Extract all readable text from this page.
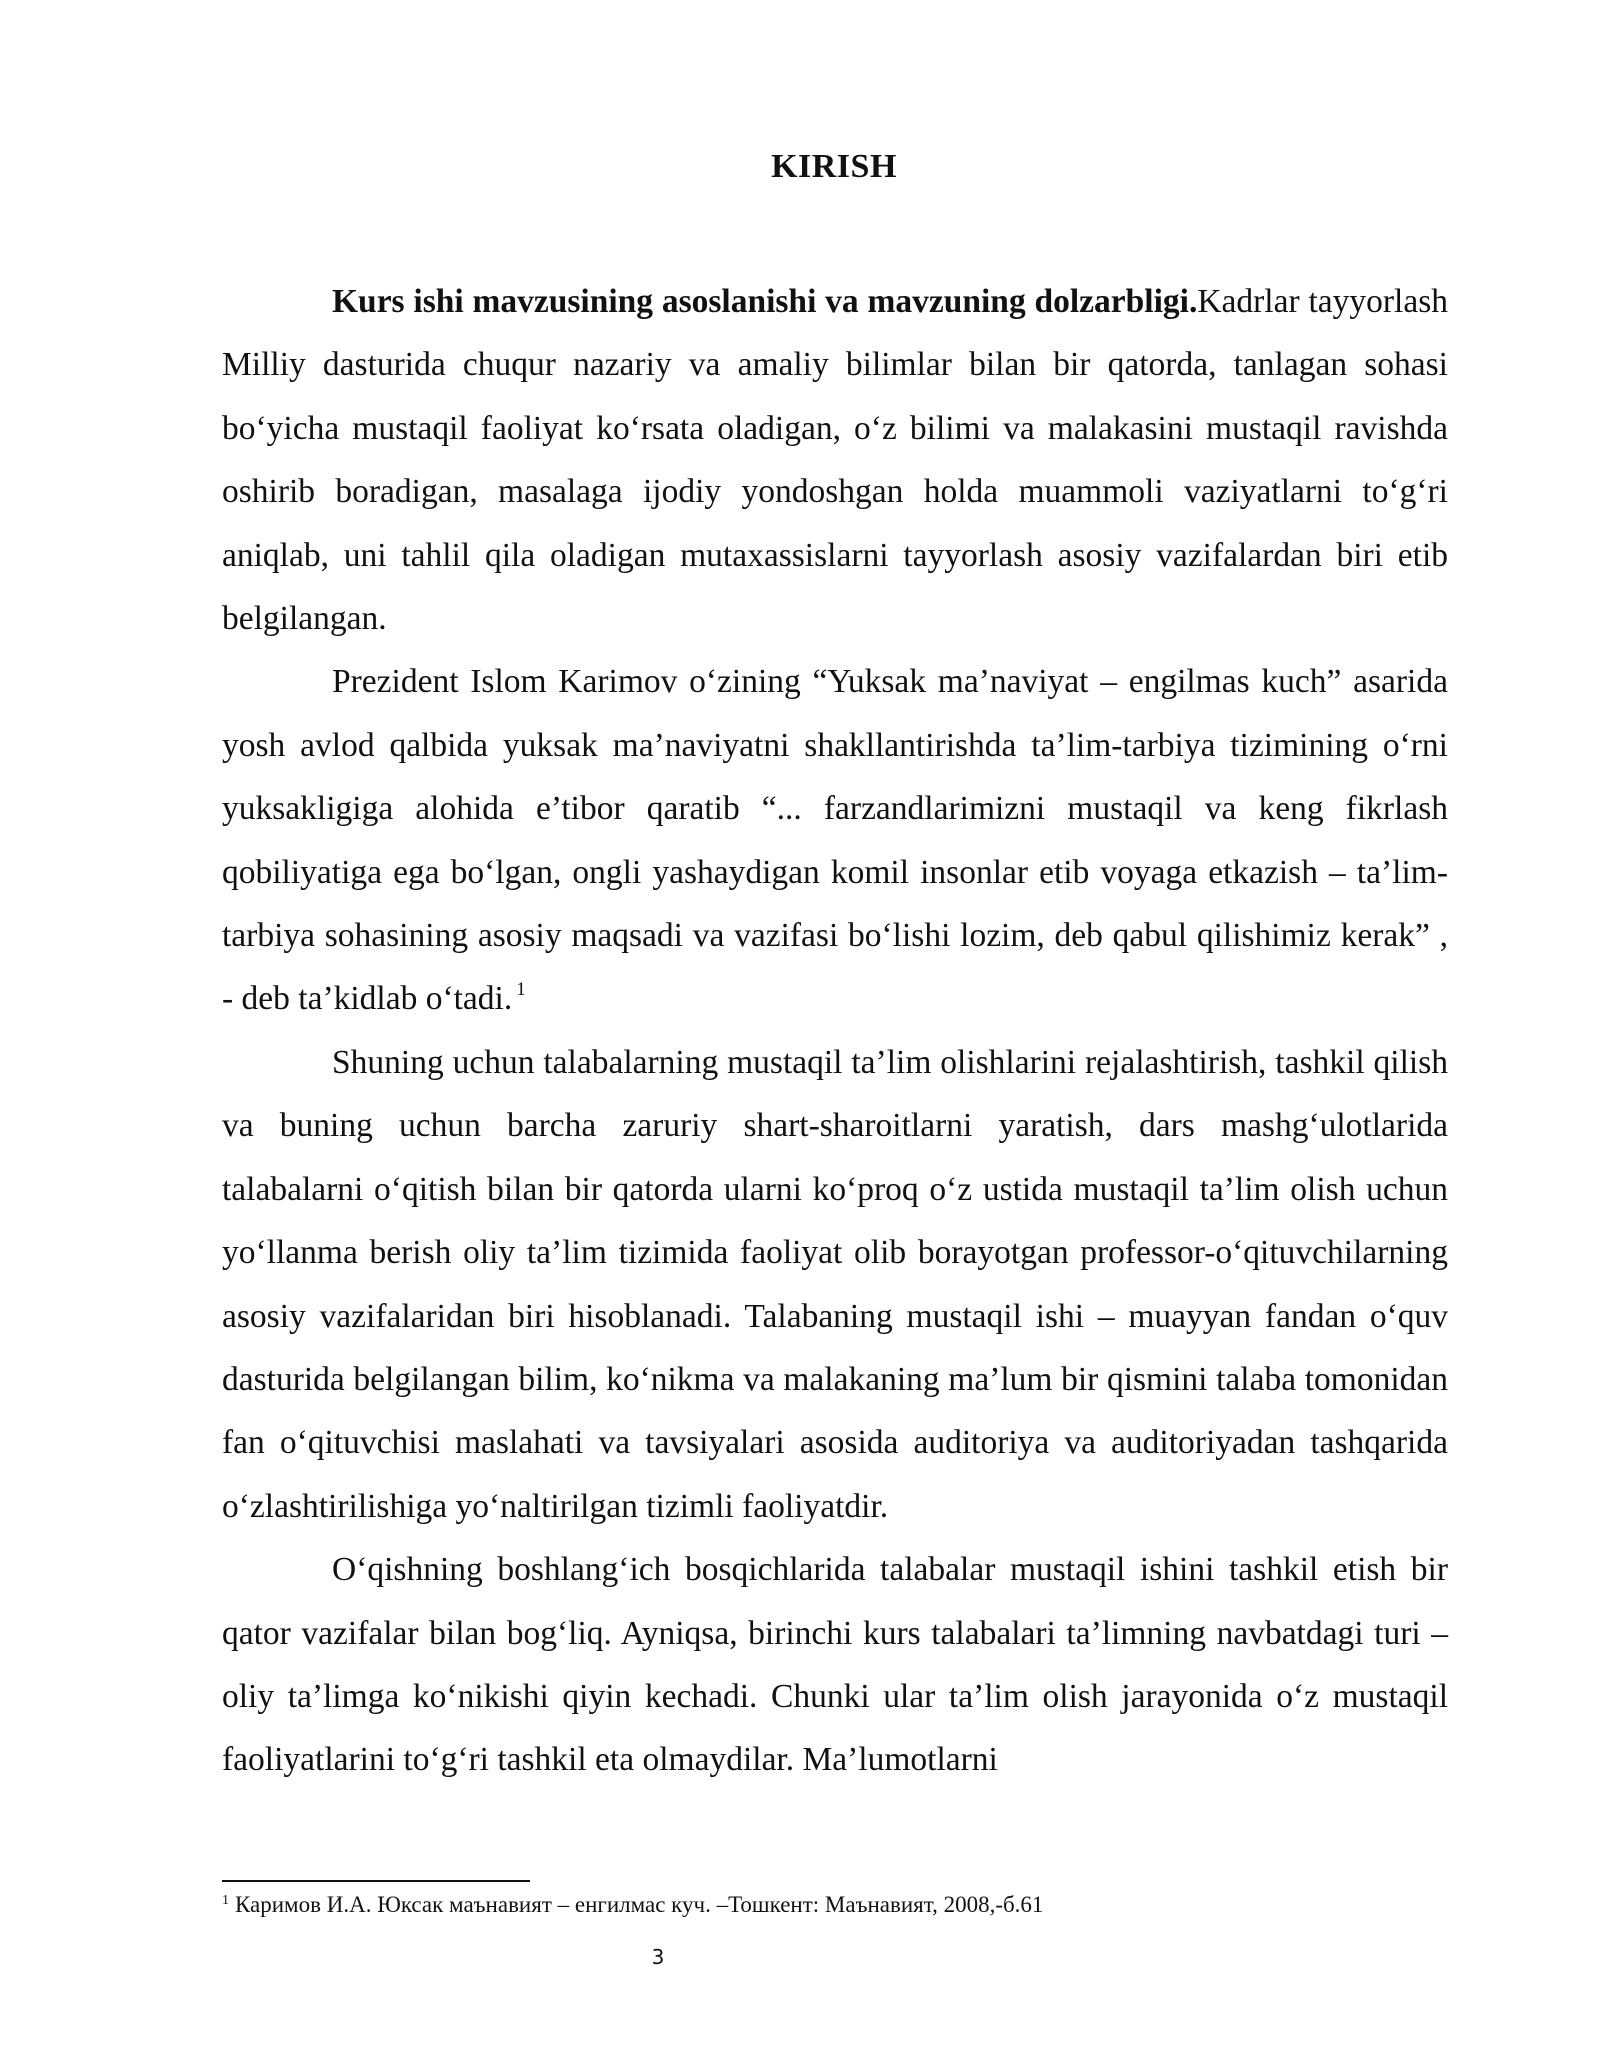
KIRISH

Kurs ishi mavzusining asoslanishi va mavzuning dolzarbligi.Kadrlar tayyorlash Milliy dasturida chuqur nazariy va amaliy bilimlar bilan bir qatorda, tanlagan sohasi boʻyicha mustaqil faoliyat koʻrsata oladigan, oʻz bilimi va malakasini mustaqil ravishda oshirib boradigan, masalaga ijodiy yondoshgan holda muammoli vaziyatlarni toʻgʻri aniqlab, uni tahlil qila oladigan mutaxassislarni tayyorlash asosiy vazifalardan biri etib belgilangan.

Prezident Islom Karimov oʻzining “Yuksak ma’naviyat – engilmas kuch” asarida yosh avlod qalbida yuksak ma’naviyatni shakllantirishda ta’lim-tarbiya tizimining oʻrni yuksakligiga alohida e’tibor qaratib “... farzandlarimizni mustaqil va keng fikrlash qobiliyatiga ega boʻlgan, ongli yashaydigan komil insonlar etib voyaga etkazish – ta’lim-tarbiya sohasining asosiy maqsadi va vazifasi boʻlishi lozim, deb qabul qilishimiz kerak” , - deb ta’kidlab oʻtadi. $^1$

Shuning uchun talabalarning mustaqil ta’lim olishlarini rejalashtirish, tashkil qilish va buning uchun barcha zaruriy shart-sharoitlarni yaratish, dars mashgʻulotlarida talabalarni oʻqitish bilan bir qatorda ularni koʻproq oʻz ustida mustaqil ta’lim olish uchun yoʻllanma berish oliy ta’lim tizimida faoliyat olib borayotgan professor-oʻqituvchilarning asosiy vazifalaridan biri hisoblanadi. Talabaning mustaqil ishi – muayyan fandan oʻquv dasturida belgilangan bilim, koʻnikma va malakaning ma’lum bir qismini talaba tomonidan fan oʻqituvchisi maslahati va tavsiyalari asosida auditoriya va auditoriyadan tashqarida oʻzlashtirilishiga yoʻnaltirilgan tizimli faoliyatdir.

Oʻqishning boshlangʻich bosqichlarida talabalar mustaqil ishini tashkil etish bir qator vazifalar bilan bogʻliq. Ayniqsa, birinchi kurs talabalari ta’limning navbatdagi turi – oliy ta’limga koʻnikishi qiyin kechadi. Chunki ular ta’lim olish jarayonida oʻz mustaqil faoliyatlarini toʻgʻri tashkil eta olmaydilar. Ma’lumotlarni

$^1$ Каримов И.А. Юксак маънавият – енгилмас куч. –Тошкент: Маънавият, 2008,-б.61
3
